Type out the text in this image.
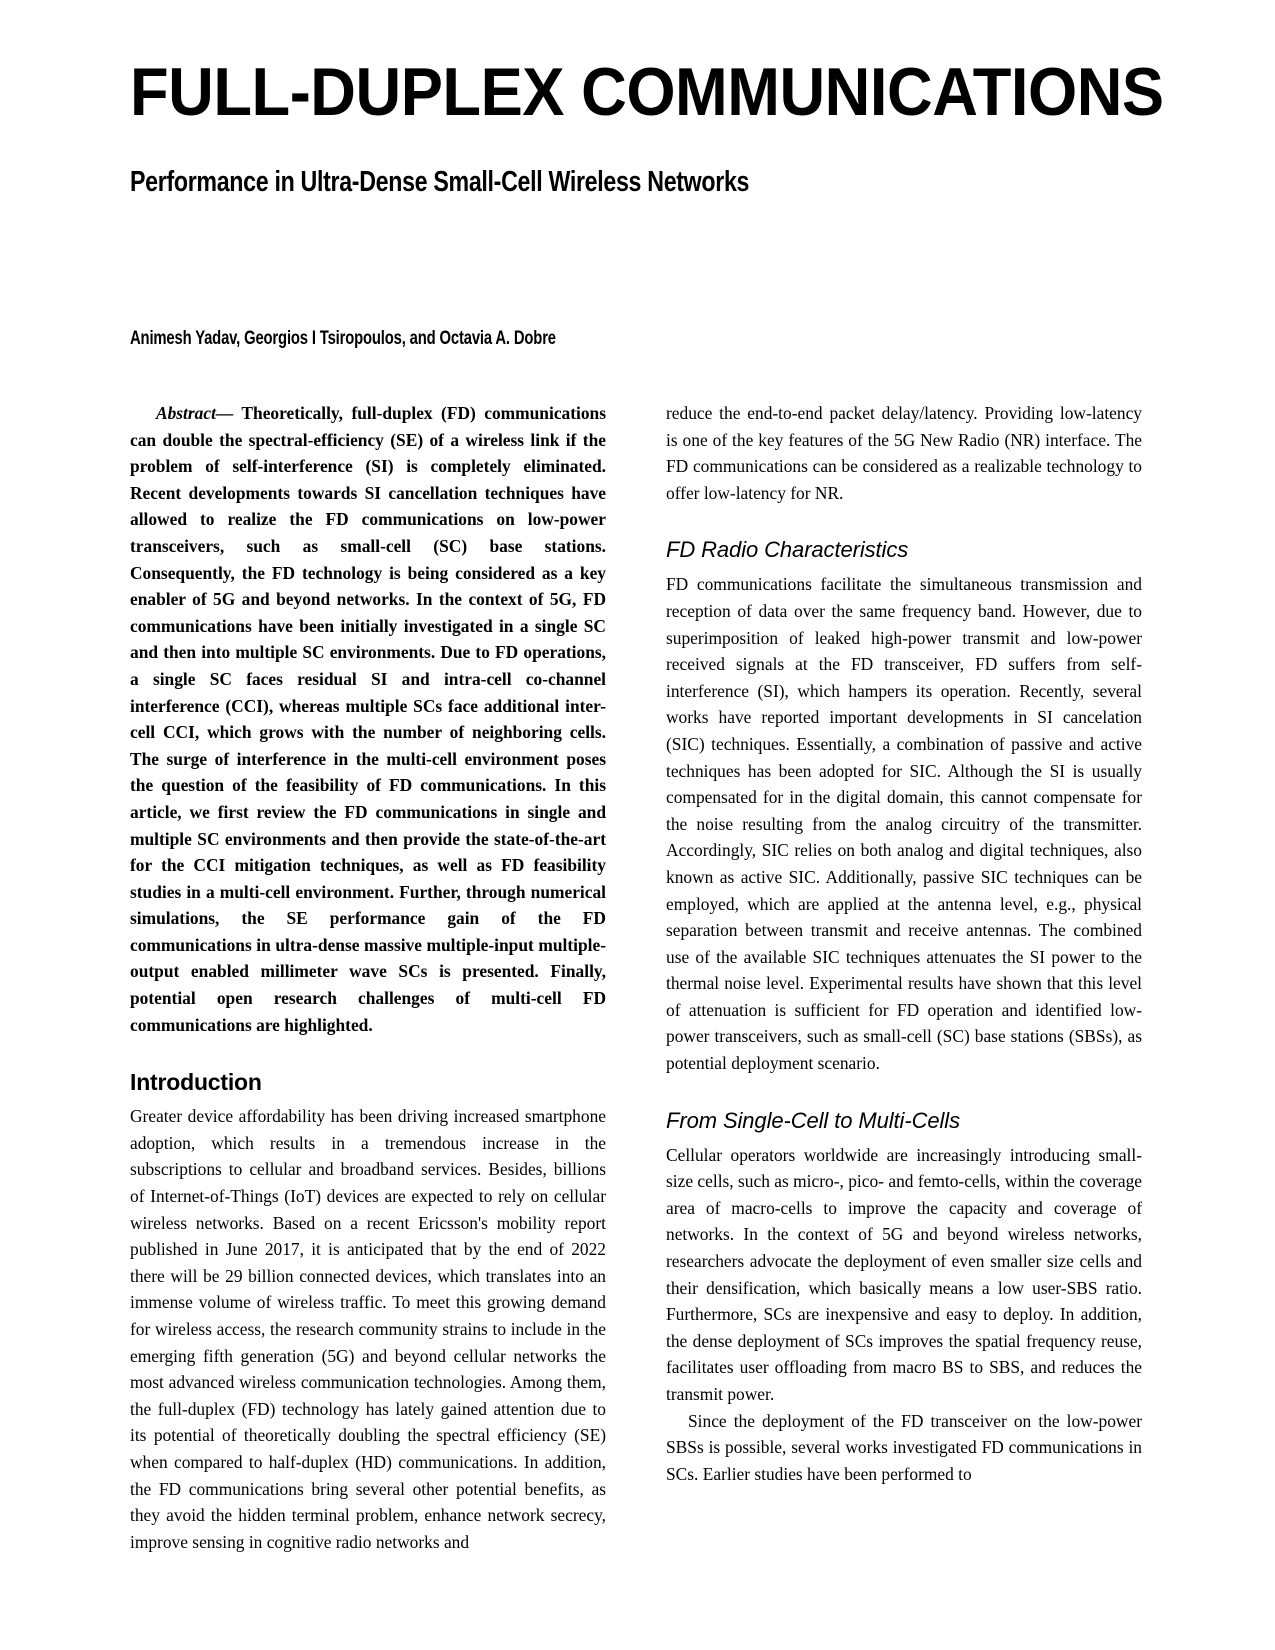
FULL-DUPLEX COMMUNICATIONS
Performance in Ultra-Dense Small-Cell Wireless Networks
Animesh Yadav, Georgios I Tsiropoulos, and Octavia A. Dobre

Abstract— Theoretically, full-duplex (FD) communications can double the spectral-efficiency (SE) of a wireless link if the problem of self-interference (SI) is completely eliminated. Recent developments towards SI cancellation techniques have allowed to realize the FD communications on low-power transceivers, such as small-cell (SC) base stations. Consequently, the FD technology is being considered as a key enabler of 5G and beyond networks. In the context of 5G, FD communications have been initially investigated in a single SC and then into multiple SC environments. Due to FD operations, a single SC faces residual SI and intra-cell co-channel interference (CCI), whereas multiple SCs face additional inter-cell CCI, which grows with the number of neighboring cells. The surge of interference in the multi-cell environment poses the question of the feasibility of FD communications. In this article, we first review the FD communications in single and multiple SC environments and then provide the state-of-the-art for the CCI mitigation techniques, as well as FD feasibility studies in a multi-cell environment. Further, through numerical simulations, the SE performance gain of the FD communications in ultra-dense massive multiple-input multiple-output enabled millimeter wave SCs is presented. Finally, potential open research challenges of multi-cell FD communications are highlighted.

Introduction

Greater device affordability has been driving increased smartphone adoption, which results in a tremendous increase in the subscriptions to cellular and broadband services. Besides, billions of Internet-of-Things (IoT) devices are expected to rely on cellular wireless networks. Based on a recent Ericsson's mobility report published in June 2017, it is anticipated that by the end of 2022 there will be 29 billion connected devices, which translates into an immense volume of wireless traffic. To meet this growing demand for wireless access, the research community strains to include in the emerging fifth generation (5G) and beyond cellular networks the most advanced wireless communication technologies. Among them, the full-duplex (FD) technology has lately gained attention due to its potential of theoretically doubling the spectral efficiency (SE) when compared to half-duplex (HD) communications. In addition, the FD communications bring several other potential benefits, as they avoid the hidden terminal problem, enhance network secrecy, improve sensing in cognitive radio networks and

reduce the end-to-end packet delay/latency. Providing low-latency is one of the key features of the 5G New Radio (NR) interface. The FD communications can be considered as a realizable technology to offer low-latency for NR.

FD Radio Characteristics

FD communications facilitate the simultaneous transmission and reception of data over the same frequency band. However, due to superimposition of leaked high-power transmit and low-power received signals at the FD transceiver, FD suffers from self-interference (SI), which hampers its operation. Recently, several works have reported important developments in SI cancelation (SIC) techniques. Essentially, a combination of passive and active techniques has been adopted for SIC. Although the SI is usually compensated for in the digital domain, this cannot compensate for the noise resulting from the analog circuitry of the transmitter. Accordingly, SIC relies on both analog and digital techniques, also known as active SIC. Additionally, passive SIC techniques can be employed, which are applied at the antenna level, e.g., physical separation between transmit and receive antennas. The combined use of the available SIC techniques attenuates the SI power to the thermal noise level. Experimental results have shown that this level of attenuation is sufficient for FD operation and identified low-power transceivers, such as small-cell (SC) base stations (SBSs), as potential deployment scenario.

From Single-Cell to Multi-Cells

Cellular operators worldwide are increasingly introducing small-size cells, such as micro-, pico- and femto-cells, within the coverage area of macro-cells to improve the capacity and coverage of networks. In the context of 5G and beyond wireless networks, researchers advocate the deployment of even smaller size cells and their densification, which basically means a low user-SBS ratio. Furthermore, SCs are inexpensive and easy to deploy. In addition, the dense deployment of SCs improves the spatial frequency reuse, facilitates user offloading from macro BS to SBS, and reduces the transmit power.

Since the deployment of the FD transceiver on the low-power SBSs is possible, several works investigated FD communications in SCs. Earlier studies have been performed to
